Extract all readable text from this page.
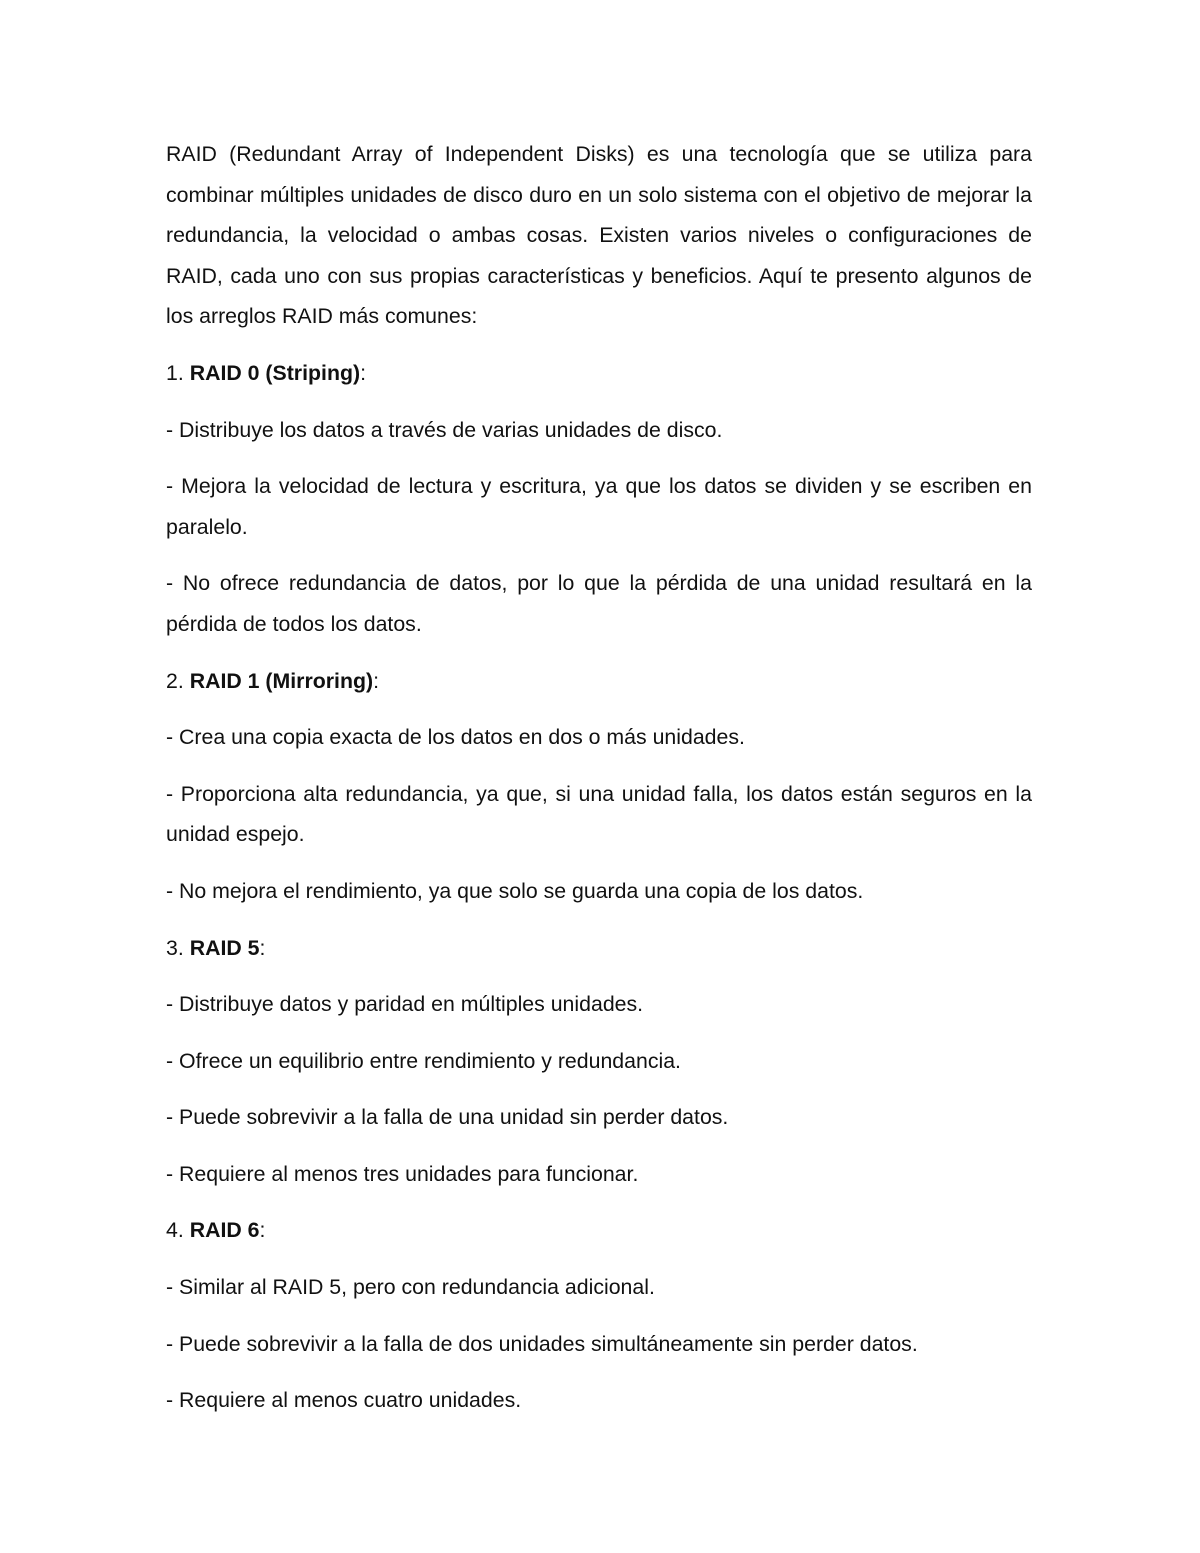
RAID (Redundant Array of Independent Disks) es una tecnología que se utiliza para combinar múltiples unidades de disco duro en un solo sistema con el objetivo de mejorar la redundancia, la velocidad o ambas cosas. Existen varios niveles o configuraciones de RAID, cada uno con sus propias características y beneficios. Aquí te presento algunos de los arreglos RAID más comunes:

1. RAID 0 (Striping):

- Distribuye los datos a través de varias unidades de disco.

- Mejora la velocidad de lectura y escritura, ya que los datos se dividen y se escriben en paralelo.

- No ofrece redundancia de datos, por lo que la pérdida de una unidad resultará en la pérdida de todos los datos.

2. RAID 1 (Mirroring):

- Crea una copia exacta de los datos en dos o más unidades.

- Proporciona alta redundancia, ya que, si una unidad falla, los datos están seguros en la unidad espejo.

- No mejora el rendimiento, ya que solo se guarda una copia de los datos.

3. RAID 5:

- Distribuye datos y paridad en múltiples unidades.

- Ofrece un equilibrio entre rendimiento y redundancia.

- Puede sobrevivir a la falla de una unidad sin perder datos.

- Requiere al menos tres unidades para funcionar.

4. RAID 6:

- Similar al RAID 5, pero con redundancia adicional.

- Puede sobrevivir a la falla de dos unidades simultáneamente sin perder datos.

- Requiere al menos cuatro unidades.
